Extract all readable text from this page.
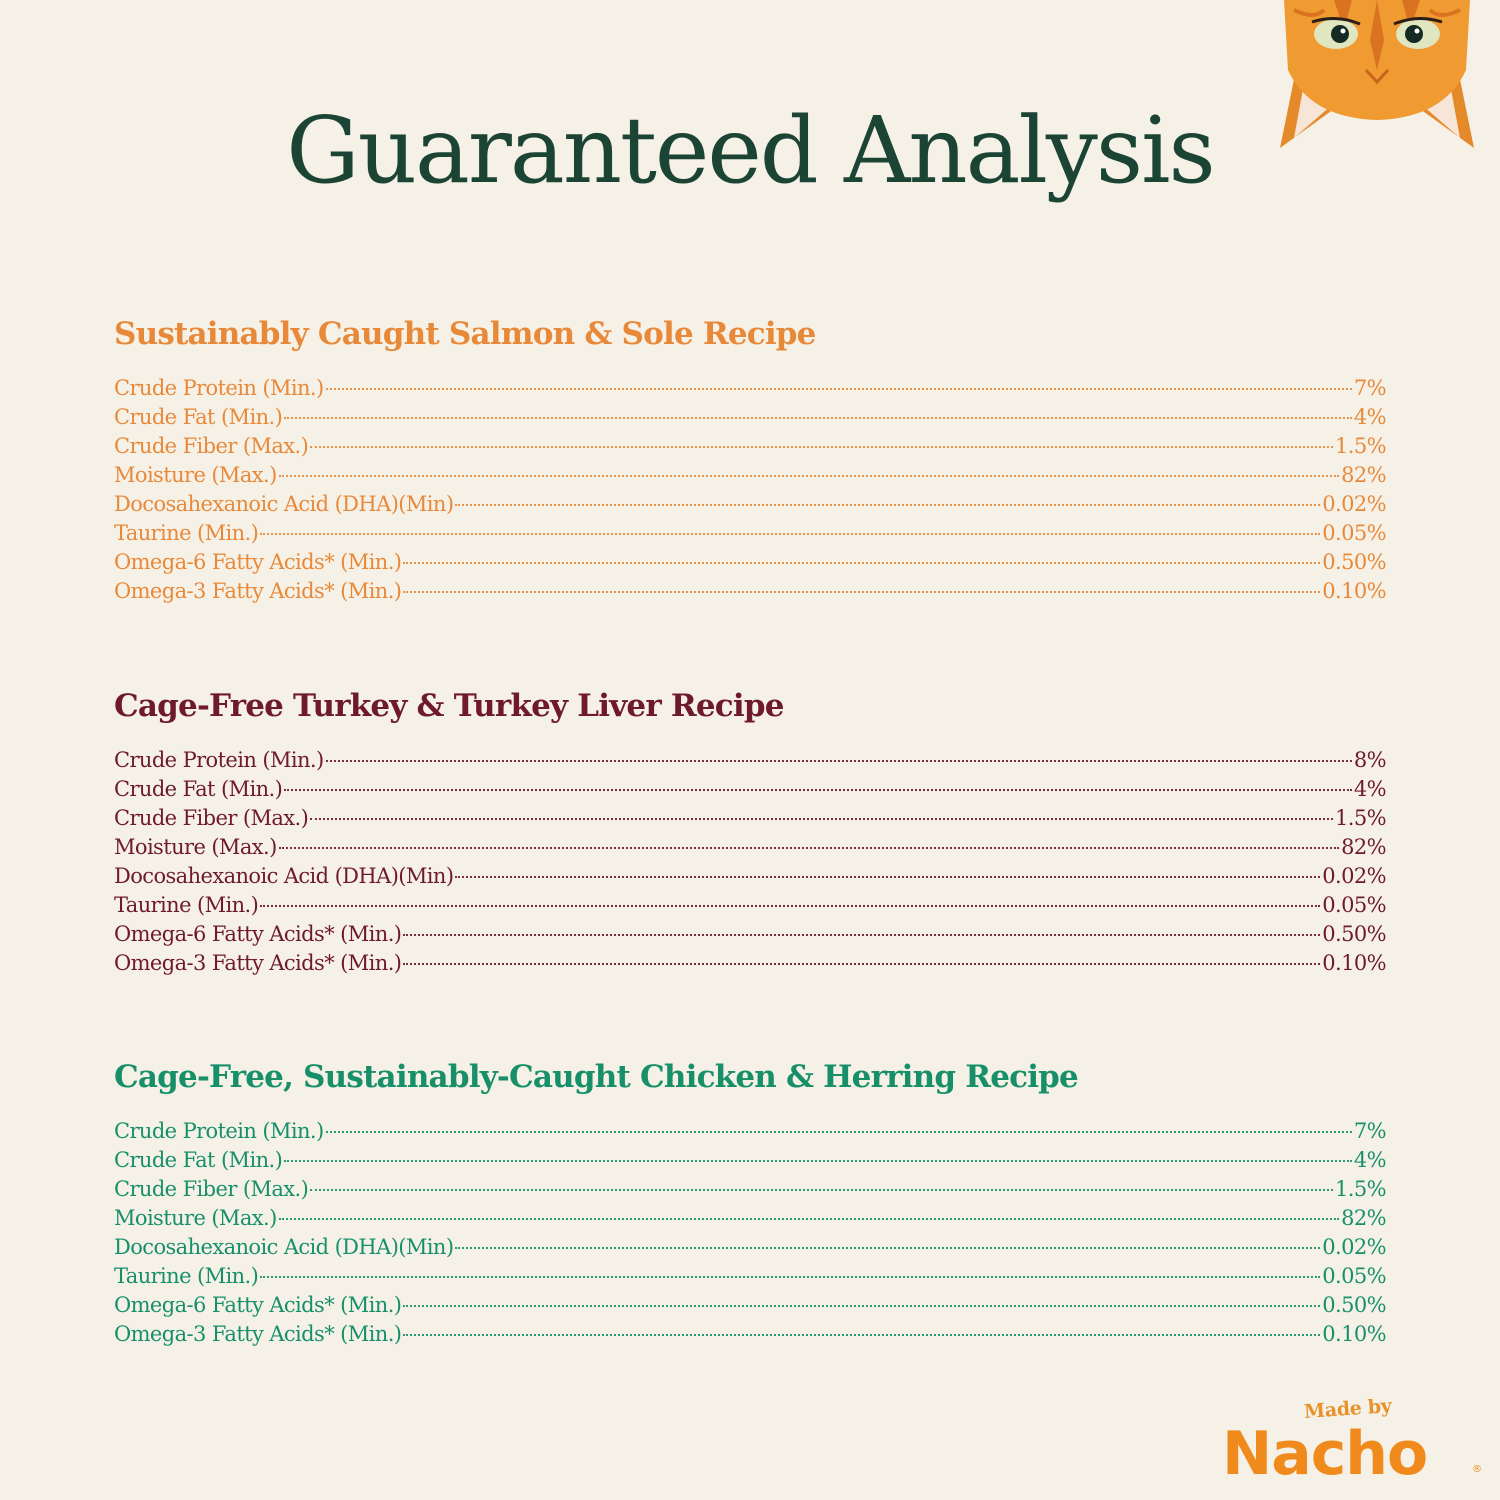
Guaranteed Analysis
Sustainably Caught Salmon & Sole Recipe
Crude Protein (Min.)	7%
Crude Fat (Min.)	4%
Crude Fiber (Max.)	1.5%
Moisture (Max.)	82%
Docosahexanoic Acid (DHA)(Min)	0.02%
Taurine (Min.)	0.05%
Omega-6 Fatty Acids* (Min.)	0.50%
Omega-3 Fatty Acids* (Min.)	0.10%
Cage-Free Turkey & Turkey Liver Recipe
Crude Protein (Min.)	8%
Crude Fat (Min.)	4%
Crude Fiber (Max.)	1.5%
Moisture (Max.)	82%
Docosahexanoic Acid (DHA)(Min)	0.02%
Taurine (Min.)	0.05%
Omega-6 Fatty Acids* (Min.)	0.50%
Omega-3 Fatty Acids* (Min.)	0.10%
Cage-Free, Sustainably-Caught Chicken & Herring Recipe
Crude Protein (Min.)	7%
Crude Fat (Min.)	4%
Crude Fiber (Max.)	1.5%
Moisture (Max.)	82%
Docosahexanoic Acid (DHA)(Min)	0.02%
Taurine (Min.)	0.05%
Omega-6 Fatty Acids* (Min.)	0.50%
Omega-3 Fatty Acids* (Min.)	0.10%
Made by
Nacho	®
